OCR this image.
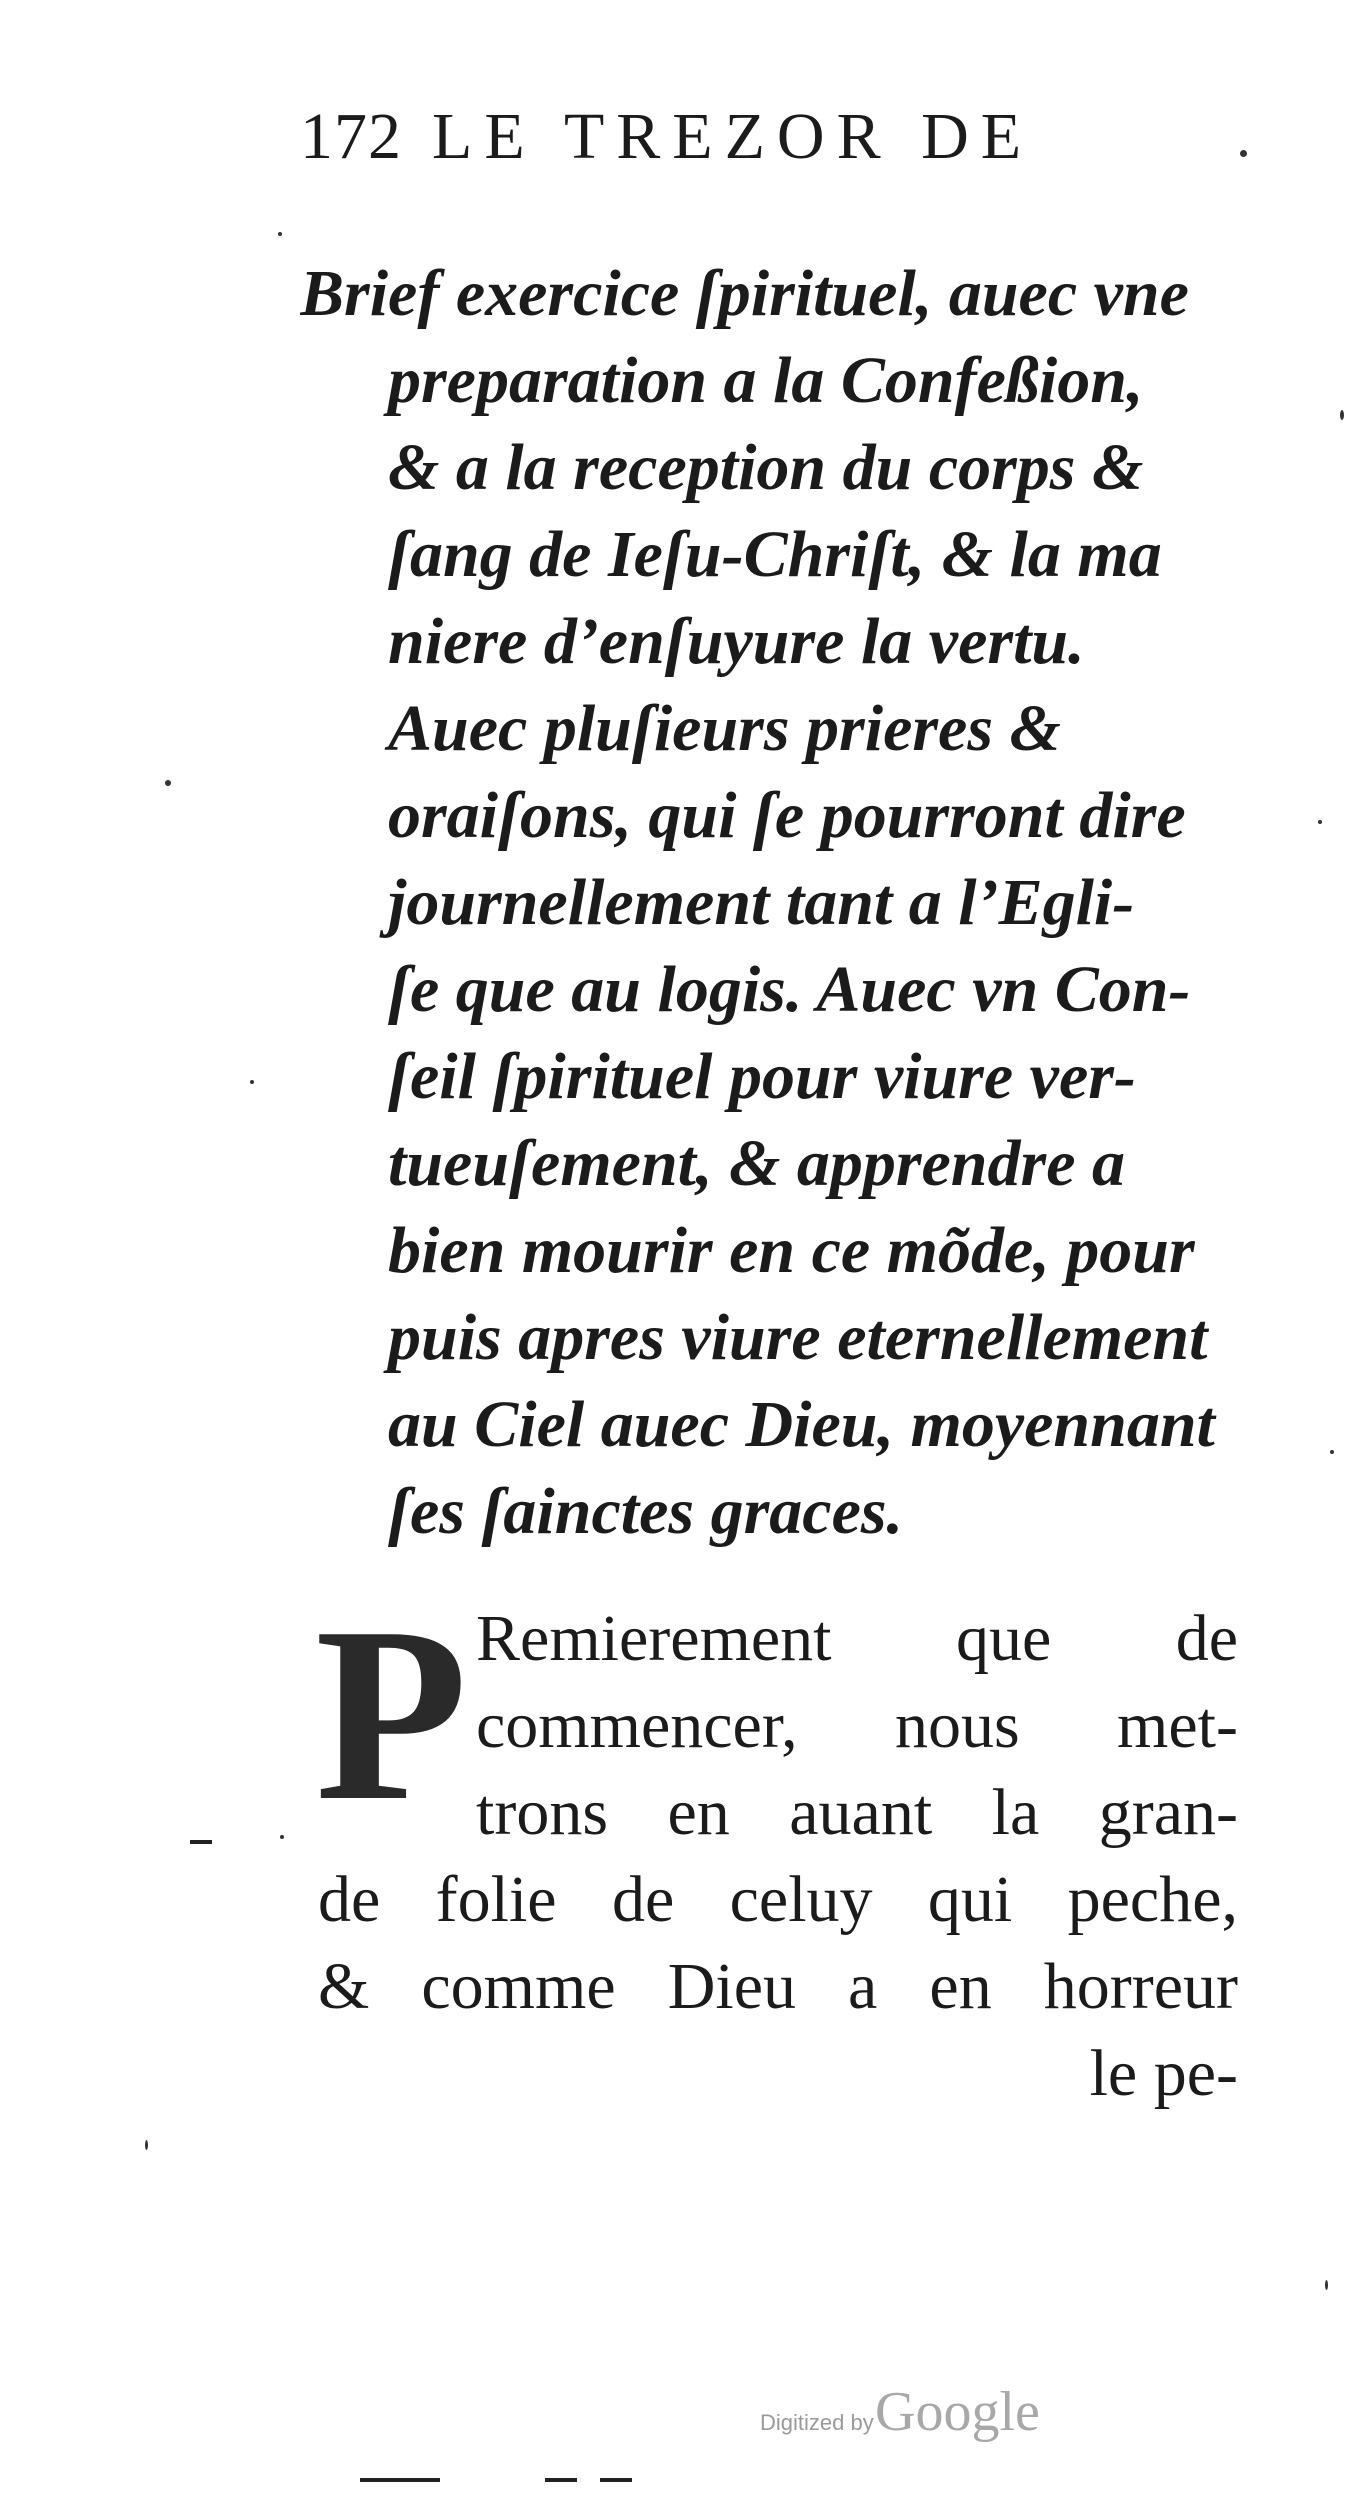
172 LE TREZOR DE
Brief exercice ſpirituel, auec vne
preparation a la Confeßion,
& a la reception du corps &
ſang de Ieſu-Chriſt, & la ma
niere d’enſuyure la vertu.
Auec pluſieurs prieres &
oraiſons, qui ſe pourront dire
journellement tant a l’Egli-
ſe que au logis. Auec vn Con-
ſeil ſpirituel pour viure ver-
tueuſement, & apprendre a
bien mourir en ce mõde, pour
puis apres viure eternellement
au Ciel auec Dieu, moyennant
ſes ſainctes graces.
P Remierement que de
commencer, nous met-
trons en auant la gran-
de folie de celuy qui peche,
& comme Dieu a en horreur
le pe-
Digitized by Google
